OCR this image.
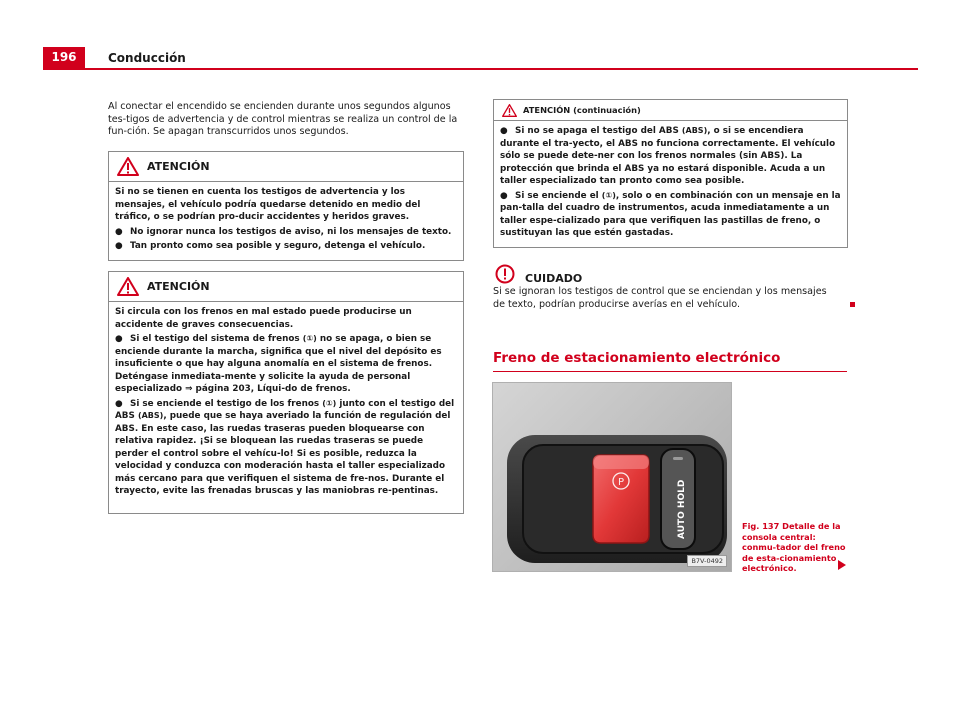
196	Conducción

Al conectar el encendido se encienden durante unos segundos algunos tes-tigos de advertencia y de control mientras se realiza un control de la fun-ción. Se apagan transcurridos unos segundos.

ATENCIÓN

Si no se tienen en cuenta los testigos de advertencia y los mensajes, el vehículo podría quedarse detenido en medio del tráfico, o se podrían pro-ducir accidentes y heridos graves.

● No ignorar nunca los testigos de aviso, ni los mensajes de texto.

● Tan pronto como sea posible y seguro, detenga el vehículo.

ATENCIÓN

Si circula con los frenos en mal estado puede producirse un accidente de graves consecuencias.

● Si el testigo del sistema de frenos (①) no se apaga, o bien se enciende durante la marcha, significa que el nivel del depósito es insuficiente o que hay alguna anomalía en el sistema de frenos. Deténgase inmediata-mente y solicite la ayuda de personal especializado ⇒ página 203, Líqui-do de frenos.

● Si se enciende el testigo de los frenos (①) junto con el testigo del ABS (ABS), puede que se haya averiado la función de regulación del ABS. En este caso, las ruedas traseras pueden bloquearse con relativa rapidez. ¡Si se bloquean las ruedas traseras se puede perder el control sobre el vehícu-lo! Si es posible, reduzca la velocidad y conduzca con moderación hasta el taller especializado más cercano para que verifiquen el sistema de fre-nos. Durante el trayecto, evite las frenadas bruscas y las maniobras re-pentinas.

ATENCIÓN (continuación)

● Si no se apaga el testigo del ABS (ABS), o si se encendiera durante el tra-yecto, el ABS no funciona correctamente. El vehículo sólo se puede dete-ner con los frenos normales (sin ABS). La protección que brinda el ABS ya no estará disponible. Acuda a un taller especializado tan pronto como sea posible.

● Si se enciende el (①), solo o en combinación con un mensaje en la pan-talla del cuadro de instrumentos, acuda inmediatamente a un taller espe-cializado para que verifiquen las pastillas de freno, o sustituyan las que estén gastadas.

CUIDADO

Si se ignoran los testigos de control que se enciendan y los mensajes de texto, podrían producirse averías en el vehículo.

Freno de estacionamiento electrónico
P	AUTO HOLD
B7V-0492
Fig. 137 Detalle de la consola central: conmu-tador del freno de esta-cionamiento electrónico.
